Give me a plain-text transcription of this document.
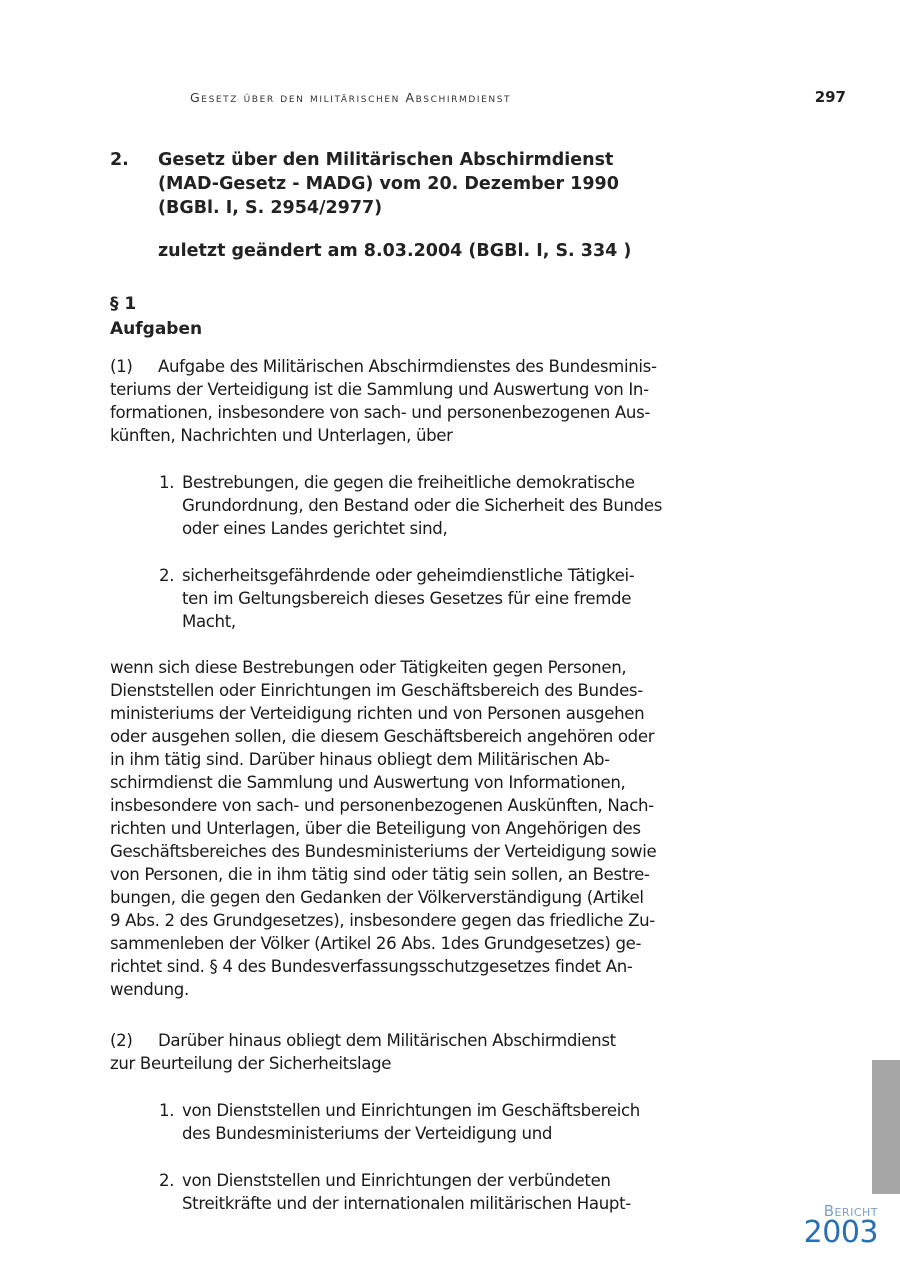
Gesetz über den militärischen Abschirmdienst	297
2. Gesetz über den Militärischen Abschirmdienst
(MAD-Gesetz - MADG) vom 20. Dezember 1990
(BGBl. I, S. 2954/2977)
zuletzt geändert am 8.03.2004 (BGBl. I, S. 334 )
§ 1
Aufgaben
(1) Aufgabe des Militärischen Abschirmdienstes des Bundesminis-
teriums der Verteidigung ist die Sammlung und Auswertung von In-
formationen, insbesondere von sach- und personenbezogenen Aus-
künften, Nachrichten und Unterlagen, über
1. Bestrebungen, die gegen die freiheitliche demokratische
Grundordnung, den Bestand oder die Sicherheit des Bundes
oder eines Landes gerichtet sind,
2. sicherheitsgefährdende oder geheimdienstliche Tätigkei-
ten im Geltungsbereich dieses Gesetzes für eine fremde
Macht,
wenn sich diese Bestrebungen oder Tätigkeiten gegen Personen,
Dienststellen oder Einrichtungen im Geschäftsbereich des Bundes-
ministeriums der Verteidigung richten und von Personen ausgehen
oder ausgehen sollen, die diesem Geschäftsbereich angehören oder
in ihm tätig sind. Darüber hinaus obliegt dem Militärischen Ab-
schirmdienst die Sammlung und Auswertung von Informationen,
insbesondere von sach- und personenbezogenen Auskünften, Nach-
richten und Unterlagen, über die Beteiligung von Angehörigen des
Geschäftsbereiches des Bundesministeriums der Verteidigung sowie
von Personen, die in ihm tätig sind oder tätig sein sollen, an Bestre-
bungen, die gegen den Gedanken der Völkerverständigung (Artikel
9 Abs. 2 des Grundgesetzes), insbesondere gegen das friedliche Zu-
sammenleben der Völker (Artikel 26 Abs. 1des Grundgesetzes) ge-
richtet sind. § 4 des Bundesverfassungsschutzgesetzes findet An-
wendung.
(2) Darüber hinaus obliegt dem Militärischen Abschirmdienst
zur Beurteilung der Sicherheitslage
1. von Dienststellen und Einrichtungen im Geschäftsbereich
des Bundesministeriums der Verteidigung und
2. von Dienststellen und Einrichtungen der verbündeten
Streitkräfte und der internationalen militärischen Haupt-	Bericht
2003
